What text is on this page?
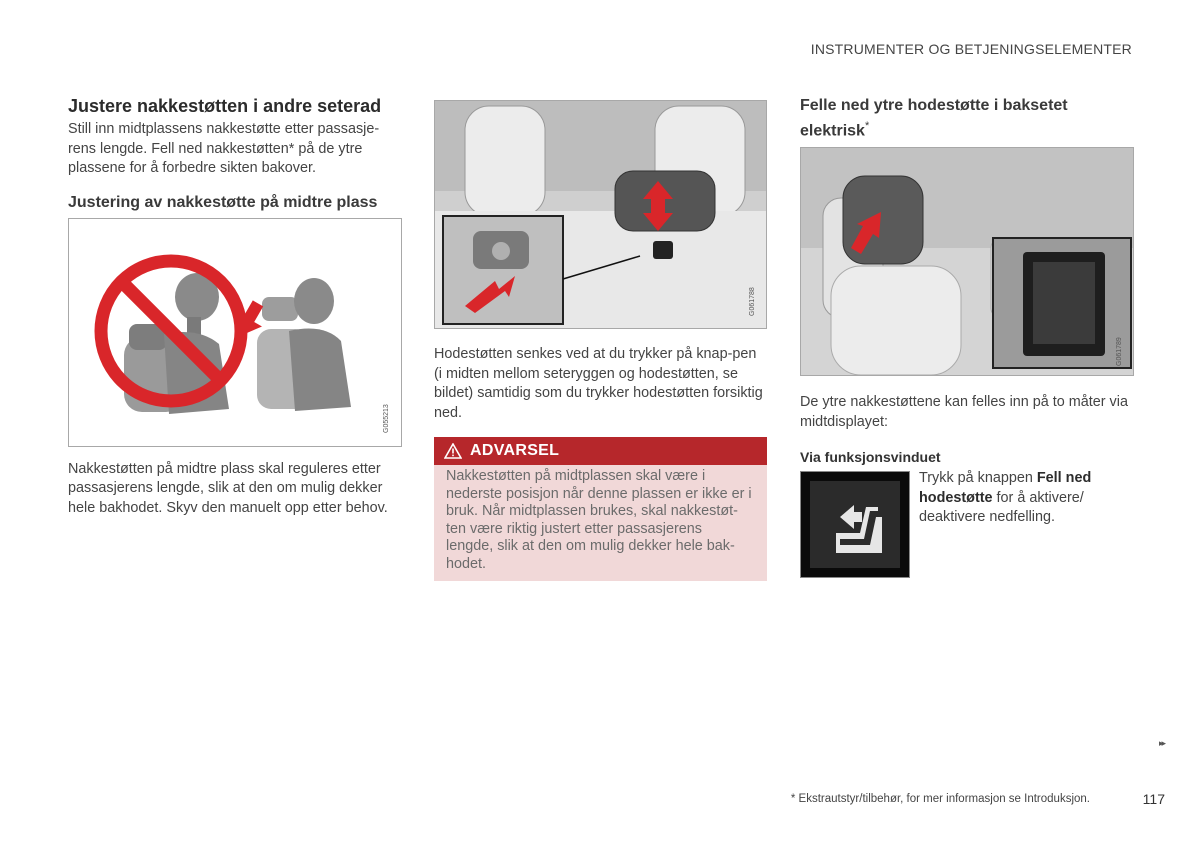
INSTRUMENTER OG BETJENINGSELEMENTER
Justere nakkestøtten i andre seterad

Still inn midtplassens nakkestøtte etter passasje-rens lengde. Fell ned nakkestøtten* på de ytre plassene for å forbedre sikten bakover.

Justering av nakkestøtte på midtre plass
G055213

Nakkestøtten på midtre plass skal reguleres etter passasjerens lengde, slik at den om mulig dekker hele bakhodet. Skyv den manuelt opp etter behov.

G061788

Hodestøtten senkes ved at du trykker på knap-pen (i midten mellom seteryggen og hodestøtten, se bildet) samtidig som du trykker hodestøtten forsiktig ned.

ADVARSEL
Nakkestøtten på midtplassen skal være i nederste posisjon når denne plassen er ikke er i bruk. Når midtplassen brukes, skal nakkestøt-ten være riktig justert etter passasjerens lengde, slik at den om mulig dekker hele bak-hodet.
Felle ned ytre hodestøtte i baksetet elektrisk*
G061789

De ytre nakkestøttene kan felles inn på to måter via midtdisplayet:

Via funksjonsvinduet
Trykk på knappen Fell ned hodestøtte for å aktivere/ deaktivere nedfelling.
▸▸
* Ekstrautstyr/tilbehør, for mer informasjon se Introduksjon.	117
